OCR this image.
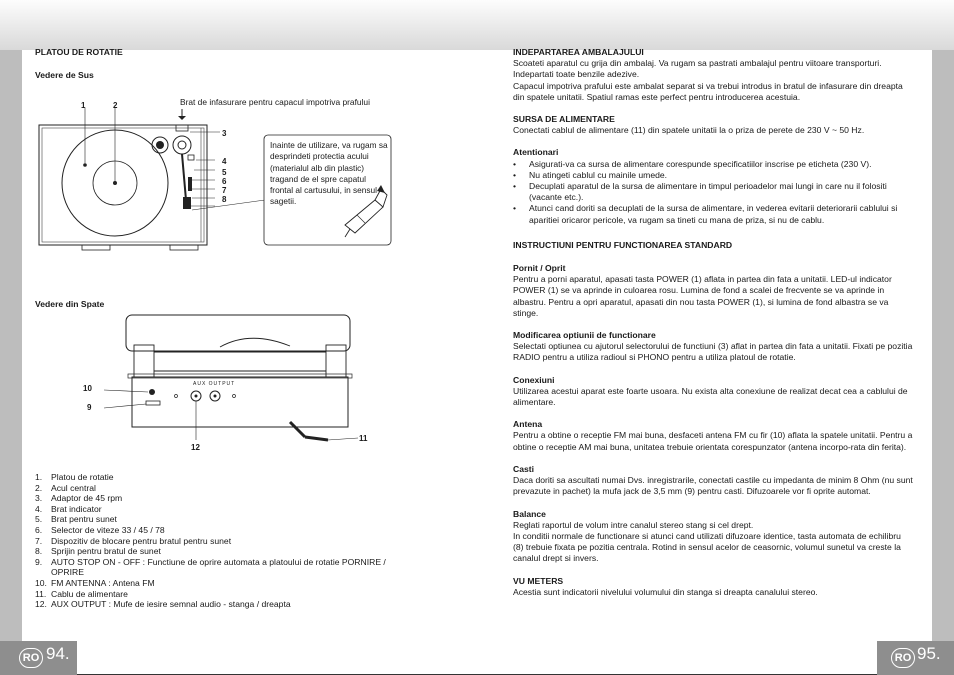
RO 94.	RO 95.
PLATOU DE ROTATIE
Vedere de Sus
1	2	Brat de infasurare pentru capacul impotriva prafului
3
4
5
6
7
8
Inainte de utilizare, va rugam sa desprindeti protectia acului (materialul alb din plastic) tragand de el spre capatul frontal al cartusului, in sensul sagetii.
Vedere din Spate
AUX OUTPUT
10
9
12
11
1. Platou de rotatie
2. Acul central
3. Adaptor de 45 rpm
4. Brat indicator
5. Brat pentru sunet
6. Selector de viteze 33 / 45 / 78
7. Dispozitiv de blocare pentru bratul pentru sunet
8. Sprijin pentru bratul de sunet
9. AUTO STOP ON - OFF : Functiune de oprire automata a platoului de rotatie PORNIRE / OPRIRE
10. FM ANTENNA : Antena FM
11. Cablu de alimentare
12. AUX OUTPUT : Mufe de iesire semnal audio - stanga / dreapta
INDEPARTAREA AMBALAJULUI

Scoateti aparatul cu grija din ambalaj. Va rugam sa pastrati ambalajul pentru viitoare transporturi. Indepartati toate benzile adezive.

Capacul impotriva prafului este ambalat separat si va trebui introdus in bratul de infasurare din dreapta din spatele unitatii. Spatiul ramas este perfect pentru introducerea acestuia.

SURSA DE ALIMENTARE

Conectati cablul de alimentare (11) din spatele unitatii la o priza de perete de 230 V ~ 50 Hz.

Atentionari
• Asigurati-va ca sursa de alimentare corespunde specificatiilor inscrise pe eticheta (230 V).
• Nu atingeti cablul cu mainile umede.
• Decuplati aparatul de la sursa de alimentare in timpul perioadelor mai lungi in care nu il folositi (vacante etc.).
• Atunci cand doriti sa decuplati de la sursa de alimentare, in vederea evitarii deteriorarii cablului si aparitiei oricaror pericole, va rugam sa tineti cu mana de priza, si nu de cablu.
INSTRUCTIUNI PENTRU FUNCTIONAREA STANDARD
Pornit / Oprit

Pentru a porni aparatul, apasati tasta POWER (1) aflata in partea din fata a unitatii. LED-ul indicator POWER (1) se va aprinde in culoarea rosu. Lumina de fond a scalei de frecvente se va aprinde in albastru. Pentru a opri aparatul, apasati din nou tasta POWER (1), si lumina de fond albastra se va stinge.

Modificarea optiunii de functionare

Selectati optiunea cu ajutorul selectorului de functiuni (3) aflat in partea din fata a unitatii. Fixati pe pozitia RADIO pentru a utiliza radioul si PHONO pentru a utiliza platoul de rotatie.

Conexiuni

Utilizarea acestui aparat este foarte usoara. Nu exista alta conexiune de realizat decat cea a cablului de alimentare.

Antena

Pentru a obtine o receptie FM mai buna, desfaceti antena FM cu fir (10) aflata la spatele unitatii. Pentru a obtine o receptie AM mai buna, unitatea trebuie orientata corespunzator (antena incorpo-rata din ferita).

Casti

Daca doriti sa ascultati numai Dvs. inregistrarile, conectati castile cu impedanta de minim 8 Ohm (nu sunt prevazute in pachet) la mufa jack de 3,5 mm (9) pentru casti. Difuzoarele vor fi oprite automat.

Balance

Reglati raportul de volum intre canalul stereo stang si cel drept.

In conditii normale de functionare si atunci cand utilizati difuzoare identice, tasta automata de echilibru (8) trebuie fixata pe pozitia centrala. Rotind in sensul acelor de ceasornic, volumul sunetul va creste la canalul drept si invers.

VU METERS

Acestia sunt indicatorii nivelului volumului din stanga si dreapta canalului stereo.
